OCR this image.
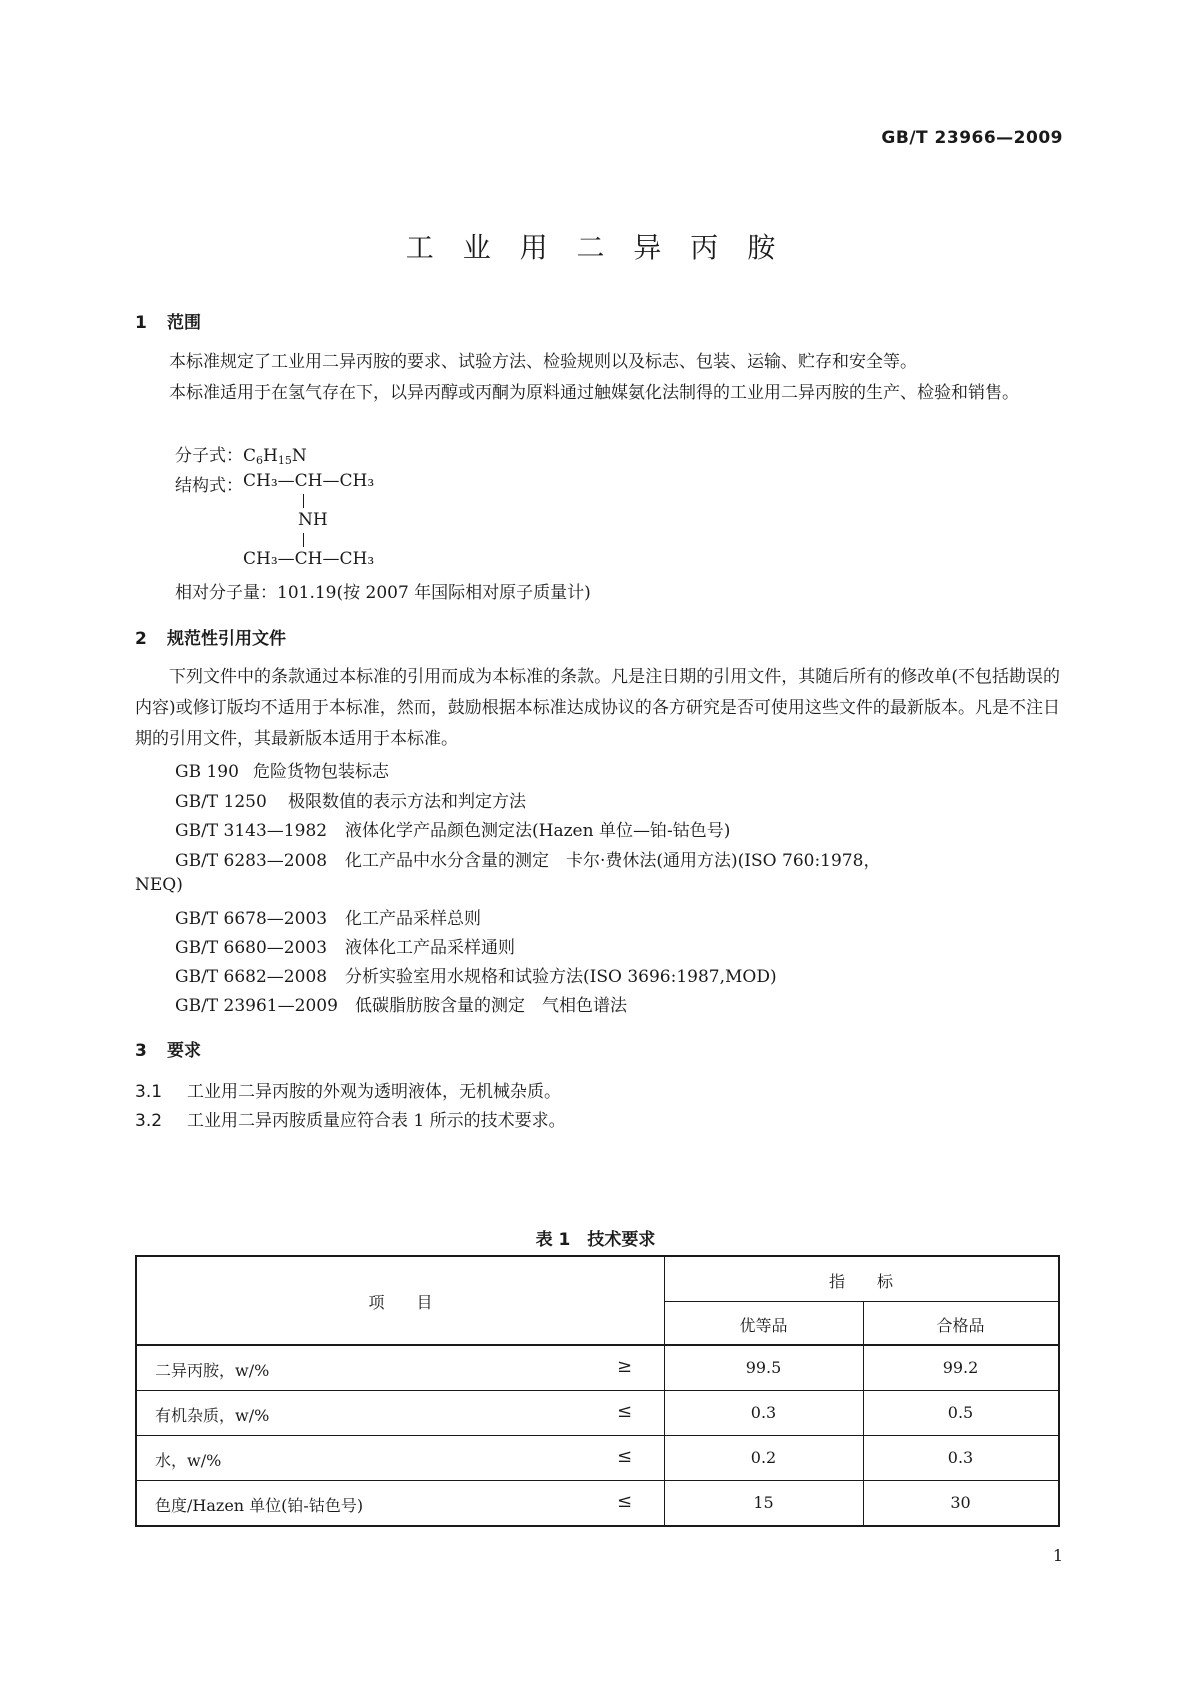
GB/T 23966—2009
工 业 用 二 异 丙 胺
1 范围
本标准规定了工业用二异丙胺的要求、试验方法、检验规则以及标志、包装、运输、贮存和安全等。
本标准适用于在氢气存在下，以异丙醇或丙酮为原料通过触媒氨化法制得的工业用二异丙胺的生产、检验和销售。
分子式：$C_6H_{15}N$
结构式： CH₃—CH—CH₃
NH
CH₃—CH—CH₃
相对分子量：101.19(按 2007 年国际相对原子质量计)
2 规范性引用文件
下列文件中的条款通过本标准的引用而成为本标准的条款。凡是注日期的引用文件，其随后所有的修改单(不包括勘误的内容)或修订版均不适用于本标准，然而，鼓励根据本标准达成协议的各方研究是否可使用这些文件的最新版本。凡是不注日期的引用文件，其最新版本适用于本标准。
GB 190 危险货物包装标志
GB/T 1250 极限数值的表示方法和判定方法
GB/T 3143—1982 液体化学产品颜色测定法(Hazen 单位—铂-钴色号)
GB/T 6283—2008 化工产品中水分含量的测定　卡尔·费休法(通用方法)(ISO 760:1978，
NEQ)
GB/T 6678—2003 化工产品采样总则
GB/T 6680—2003 液体化工产品采样通则
GB/T 6682—2008 分析实验室用水规格和试验方法(ISO 3696:1987,MOD)
GB/T 23961—2009 低碳脂肪胺含量的测定　气相色谱法
3 要求
3.1 工业用二异丙胺的外观为透明液体，无机械杂质。
3.2 工业用二异丙胺质量应符合表 1 所示的技术要求。
表 1　技术要求
项　　目
指　　标
优等品	合格品
二异丙胺，w/%	≥	99.5	99.2
有机杂质，w/%	≤	0.3	0.5
水，w/%	≤	0.2	0.3
色度/Hazen 单位(铂-钴色号)	≤	15	30
1
